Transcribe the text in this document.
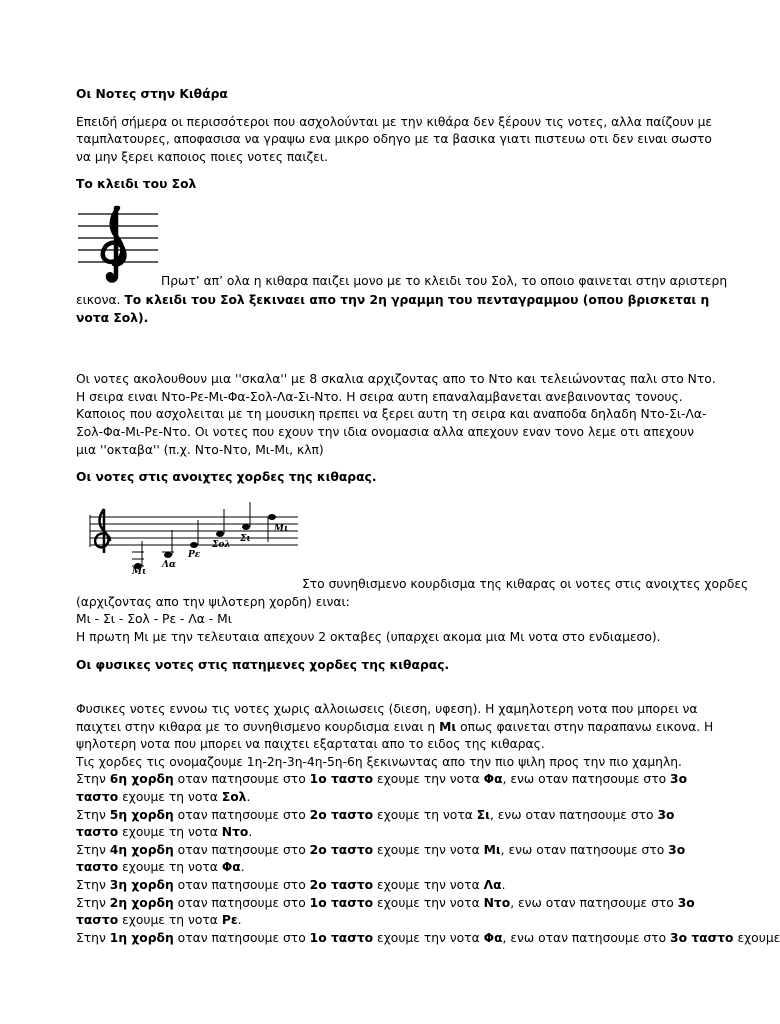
Οι Νοτες στην Κιθάρα

Επειδή σήμερα οι περισσότεροι που ασχολούνται με την κιθάρα δεν ξέρουν τις νοτες, αλλα παίζουν με ταμπλατουρες, αποφασισα να γραψω ενα μικρο οδηγο με τα βασικα γιατι πιστευω οτι δεν ειναι σωστο να μην ξερει καποιος ποιες νοτες παιζει.

Το κλειδι του Σολ

Πρωτ’ απ’ ολα η κιθαρα παιζει μονο με το κλειδι του Σολ, το οποιο φαινεται στην αριστερη

εικονα. Το κλειδι του Σολ ξεκιναει απο την 2η γραμμη του πενταγραμμου (οπου βρισκεται η νοτα Σολ).

Οι νοτες ακολουθουν μια ''σκαλα'' με 8 σκαλια αρχιζοντας απο το Ντο και τελειώνοντας παλι στο Ντο. Η σειρα ειναι Ντο-Ρε-Μι-Φα-Σολ-Λα-Σι-Ντο. Η σειρα αυτη επαναλαμβανεται ανεβαινοντας τονους. Καποιος που ασχολειται με τη μουσικη πρεπει να ξερει αυτη τη σειρα και αναποδα δηλαδη Ντο-Σι-Λα-Σολ-Φα-Μι-Ρε-Ντο. Οι νοτες που εχουν την ιδια ονομασια αλλα απεχουν εναν τονο λεμε οτι απεχουν μια ''οκταβα'' (π.χ. Ντο-Ντο, Μι-Μι, κλπ)

Οι νοτες στις ανοιχτες χορδες της κιθαρας.

Μι
Λα
Ρε
Σολ
Σι
Μι
Στο συνηθισμενο κουρδισμα της κιθαρας οι νοτες στις ανοιχτες χορδες

(αρχιζοντας απο την ψιλοτερη χορδη) ειναι:

Μι - Σι - Σολ - Ρε - Λα - Μι

Η πρωτη Μι με την τελευταια απεχουν 2 οκταβες (υπαρχει ακομα μια Μι νοτα στο ενδιαμεσο).

Οι φυσικες νοτες στις πατημενες χορδες της κιθαρας.

Φυσικες νοτες εννοω τις νοτες χωρις αλλοιωσεις (διεση, υφεση). Η χαμηλοτερη νοτα που μπορει να παιχτει στην κιθαρα με το συνηθισμενο κουρδισμα ειναι η Μι οπως φαινεται στην παραπανω εικονα. Η ψηλοτερη νοτα που μπορει να παιχτει εξαρταται απο το ειδος της κιθαρας.

Τις χορδες τις ονομαζουμε 1η-2η-3η-4η-5η-6η ξεκινωντας απο την πιο ψιλη προς την πιο χαμηλη.

Στην 6η χορδη οταν πατησουμε στο 1ο ταστο εχουμε την νοτα Φα, ενω οταν πατησουμε στο 3ο ταστο εχουμε τη νοτα Σολ.

Στην 5η χορδη οταν πατησουμε στο 2ο ταστο εχουμε τη νοτα Σι, ενω οταν πατησουμε στο 3ο ταστο εχουμε τη νοτα Ντο.

Στην 4η χορδη οταν πατησουμε στο 2ο ταστο εχουμε την νοτα Μι, ενω οταν πατησουμε στο 3ο ταστο εχουμε τη νοτα Φα.

Στην 3η χορδη οταν πατησουμε στο 2ο ταστο εχουμε την νοτα Λα.

Στην 2η χορδη οταν πατησουμε στο 1ο ταστο εχουμε την νοτα Ντο, ενω οταν πατησουμε στο 3ο ταστο εχουμε τη νοτα Ρε.

Στην 1η χορδη οταν πατησουμε στο 1ο ταστο εχουμε την νοτα Φα, ενω οταν πατησουμε στο 3ο ταστο εχουμε
